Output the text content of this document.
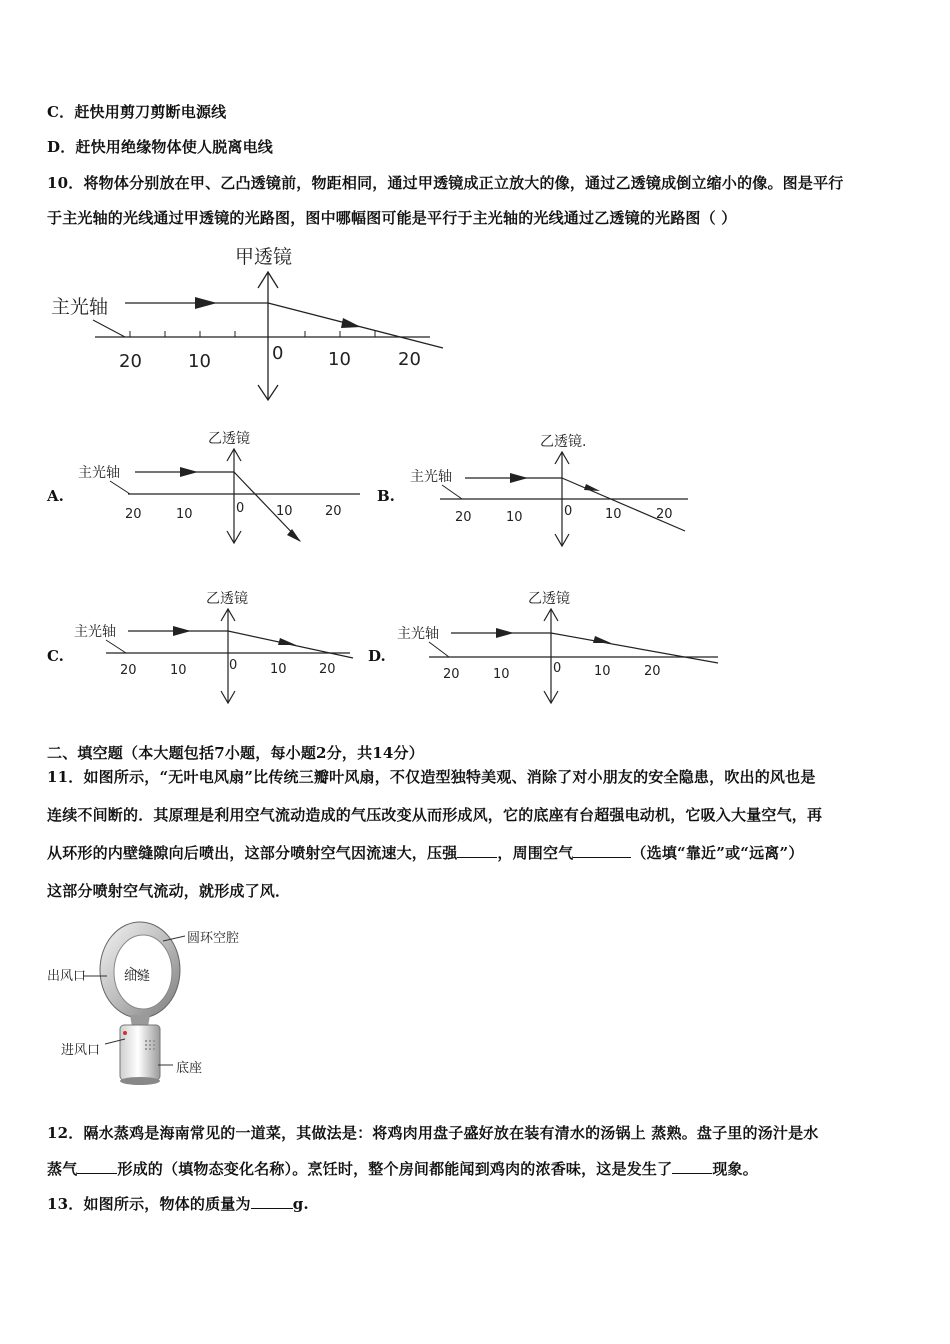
C．赶快用剪刀剪断电源线
D．赶快用绝缘物体使人脱离电线
10．将物体分别放在甲、乙凸透镜前，物距相同，通过甲透镜成正立放大的像，通过乙透镜成倒立缩小的像。图是平行
于主光轴的光线通过甲透镜的光路图，图中哪幅图可能是平行于主光轴的光线通过乙透镜的光路图（ ）
甲透镜
主光轴
20	10	0 10	20
A.
乙透镜
主光轴
20	10	0 10 20
B.
乙透镜.
主光轴
20	10	0	10	20
C.
乙透镜
主光轴
20	10	0	10 20
D.
乙透镜
主光轴
20	10	0	10	20
二、填空题（本大题包括7小题，每小题2分，共14分）
11．如图所示，“无叶电风扇”比传统三瓣叶风扇，不仅造型独特美观、消除了对小朋友的安全隐患，吹出的风也是
连续不间断的．其原理是利用空气流动造成的气压改变从而形成风，它的底座有台超强电动机，它吸入大量空气，再
从环形的内壁缝隙向后喷出，这部分喷射空气因流速大，压强	，周围空气	（选填“靠近”或“远离”）
这部分喷射空气流动，就形成了风．
圆环空腔
出风口	细缝
进风口
底座
12．隔水蒸鸡是海南常见的一道菜，其做法是：将鸡肉用盘子盛好放在装有清水的汤锅上 蒸熟。盘子里的汤汁是水
蒸气	形成的（填物态变化名称）。烹饪时，整个房间都能闻到鸡肉的浓香味，这是发生了	现象。
13．如图所示，物体的质量为	g.
